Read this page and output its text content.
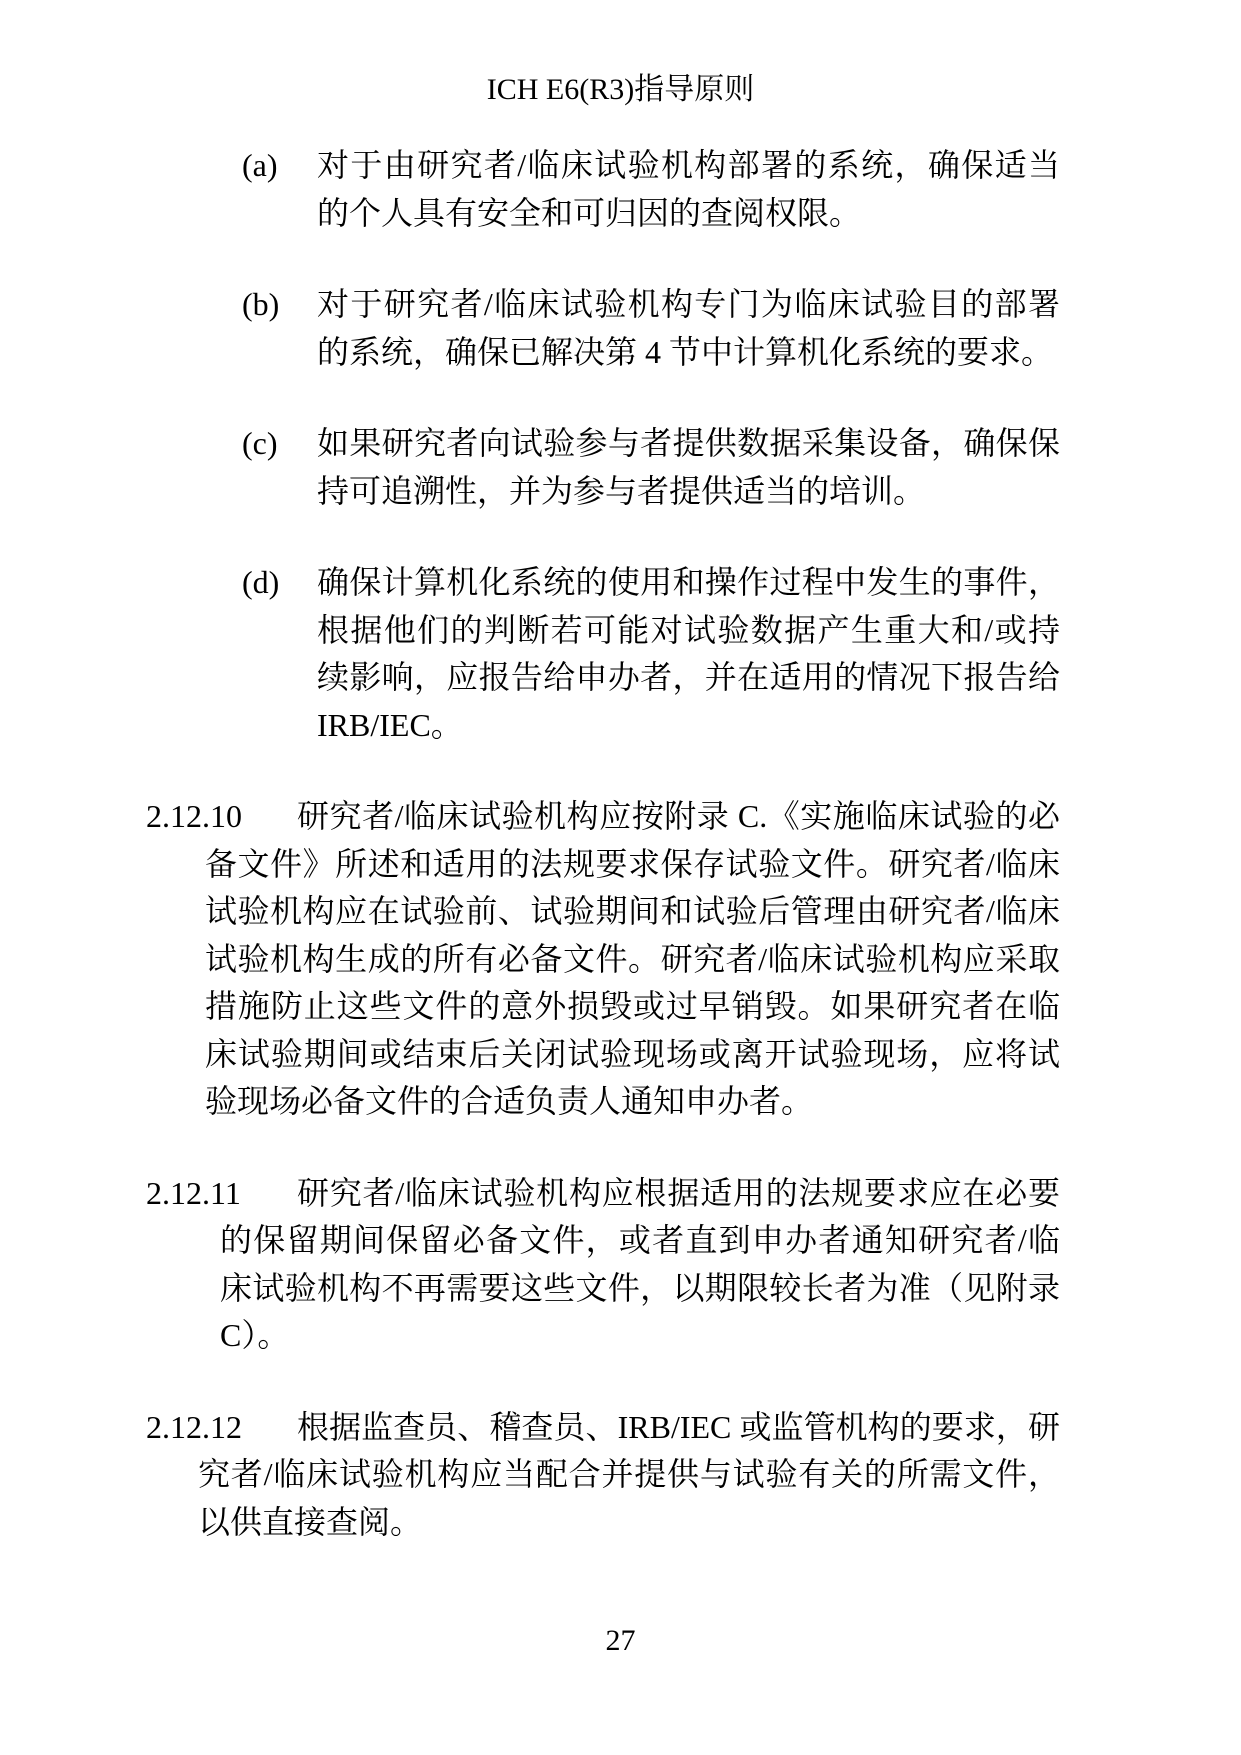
ICH E6(R3)指导原则
(a) 对于由研究者/临床试验机构部署的系统，确保适当的个人具有安全和可归因的查阅权限。
(b) 对于研究者/临床试验机构专门为临床试验目的部署的系统，确保已解决第 4 节中计算机化系统的要求。
(c) 如果研究者向试验参与者提供数据采集设备，确保保持可追溯性，并为参与者提供适当的培训。
(d) 确保计算机化系统的使用和操作过程中发生的事件，根据他们的判断若可能对试验数据产生重大和/或持续影响，应报告给申办者，并在适用的情况下报告给 IRB/IEC。
2.12.10 研究者/临床试验机构应按附录 C.《实施临床试验的必备文件》所述和适用的法规要求保存试验文件。研究者/临床试验机构应在试验前、试验期间和试验后管理由研究者/临床试验机构生成的所有必备文件。研究者/临床试验机构应采取措施防止这些文件的意外损毁或过早销毁。如果研究者在临床试验期间或结束后关闭试验现场或离开试验现场，应将试验现场必备文件的合适负责人通知申办者。
2.12.11 研究者/临床试验机构应根据适用的法规要求应在必要的保留期间保留必备文件，或者直到申办者通知研究者/临床试验机构不再需要这些文件，以期限较长者为准（见附录 C）。
2.12.12 根据监查员、稽查员、IRB/IEC 或监管机构的要求，研究者/临床试验机构应当配合并提供与试验有关的所需文件，以供直接查阅。
27
